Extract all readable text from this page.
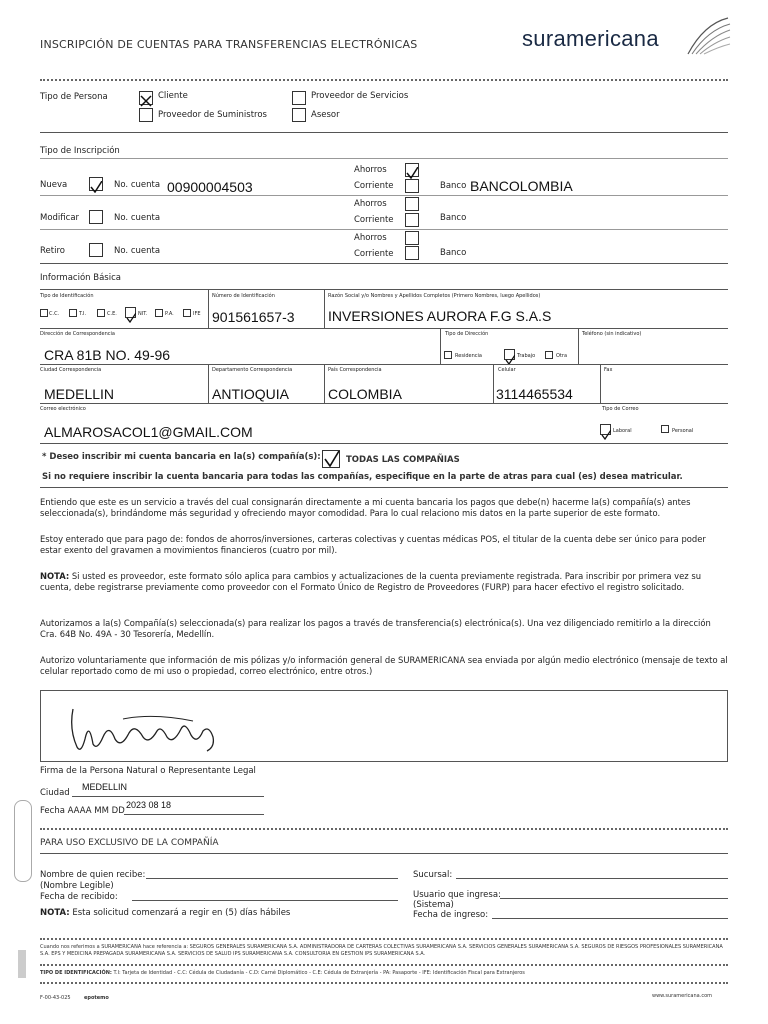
INSCRIPCIÓN DE CUENTAS PARA TRANSFERENCIAS ELECTRÓNICAS	suramericana
Tipo de Persona	Cliente	Proveedor de Servicios
Proveedor de Suministros	Asesor
Tipo de Inscripción
Nueva	No. cuenta 00900004503
Ahorros
Corriente	Banco BANCOLOMBIA
Modificar	No. cuenta
Ahorros
Corriente	Banco
Retiro	No. cuenta
Ahorros
Corriente	Banco
Información Básica
Tipo de Identificación
C.C.	T.I.	C.E.	NIT.	P.A.	IFE
Número de Identificación
901561657-3
Razón Social y/o Nombres y Apellidos Completos (Primero Nombres, luego Apellidos)
INVERSIONES AURORA F.G S.A.S
Dirección de Correspondencia
CRA 81B NO. 49-96
Tipo de Dirección
Residencia	Trabajo	Otra
Teléfono (sin indicativo)
Ciudad Correspondencia
MEDELLIN
Departamento Correspondencia
ANTIOQUIA
País Correspondencia
COLOMBIA
Celular
3114465534
Fax
Correo electrónico
ALMAROSACOL1@GMAIL.COM
Tipo de Correo
Laboral	Personal
* Deseo inscribir mi cuenta bancaria en la(s) compañía(s):	TODAS LAS COMPAÑIAS
Si no requiere inscribir la cuenta bancaria para todas las compañías, especifique en la parte de atras para cual (es) desea matricular.
Entiendo que este es un servicio a través del cual consignarán directamente a mi cuenta bancaria los pagos que debe(n) hacerme la(s) compañía(s) antes seleccionada(s), brindándome más seguridad y ofreciendo mayor comodidad. Para lo cual relaciono mis datos en la parte superior de este formato.
Estoy enterado que para pago de: fondos de ahorros/inversiones, carteras colectivas y cuentas médicas POS, el titular de la cuenta debe ser único para poder estar exento del gravamen a movimientos financieros (cuatro por mil).
NOTA: Si usted es proveedor, este formato sólo aplica para cambios y actualizaciones de la cuenta previamente registrada. Para inscribir por primera vez su cuenta, debe registrarse previamente como proveedor con el Formato Único de Registro de Proveedores (FURP) para hacer efectivo el registro solicitado.
Autorizamos a la(s) Compañía(s) seleccionada(s) para realizar los pagos a través de transferencia(s) electrónica(s). Una vez diligenciado remitirlo a la dirección Cra. 64B No. 49A - 30 Tesorería, Medellín.
Autorizo voluntariamente que información de mis pólizas y/o información general de SURAMERICANA sea enviada por algún medio electrónico (mensaje de texto al celular reportado como de mi uso o propiedad, correo electrónico, entre otros.)
Firma de la Persona Natural o Representante Legal
Ciudad
MEDELLIN
Fecha AAAA MM DD
2023 08 18
PARA USO EXCLUSIVO DE LA COMPAÑÍA
Nombre de quien recibe:
(Nombre Legible)
Fecha de recibido:
NOTA: Esta solicitud comenzará a regir en (5) días hábiles
Sucursal:
Usuario que ingresa:
(Sistema)
Fecha de ingreso:
Cuando nos referimos a SURAMERICANA hace referencia a: SEGUROS GENERALES SURAMERICANA S.A. ADMINISTRADORA DE CARTERAS COLECTIVAS SURAMERICANA S.A. SERVICIOS GENERALES SURAMERICANA S.A. SEGUROS DE RIESGOS PROFESIONALES SURAMERICANA S.A. EPS Y MEDICINA PREPAGADA SURAMERICANA S.A. SERVICIOS DE SALUD IPS SURAMERICANA S.A. CONSULTORIA EN GESTION IPS SURAMERICANA S.A.
TIPO DE IDENTIFICACIÓN: T.I: Tarjeta de Identidad - C.C: Cédula de Ciudadanía - C.D: Carné Diplomático - C.E: Cédula de Extranjería - PA: Pasaporte - IFE: Identificación Fiscal para Extranjeros
F-00-43-025	epotemo	www.suramericana.com
